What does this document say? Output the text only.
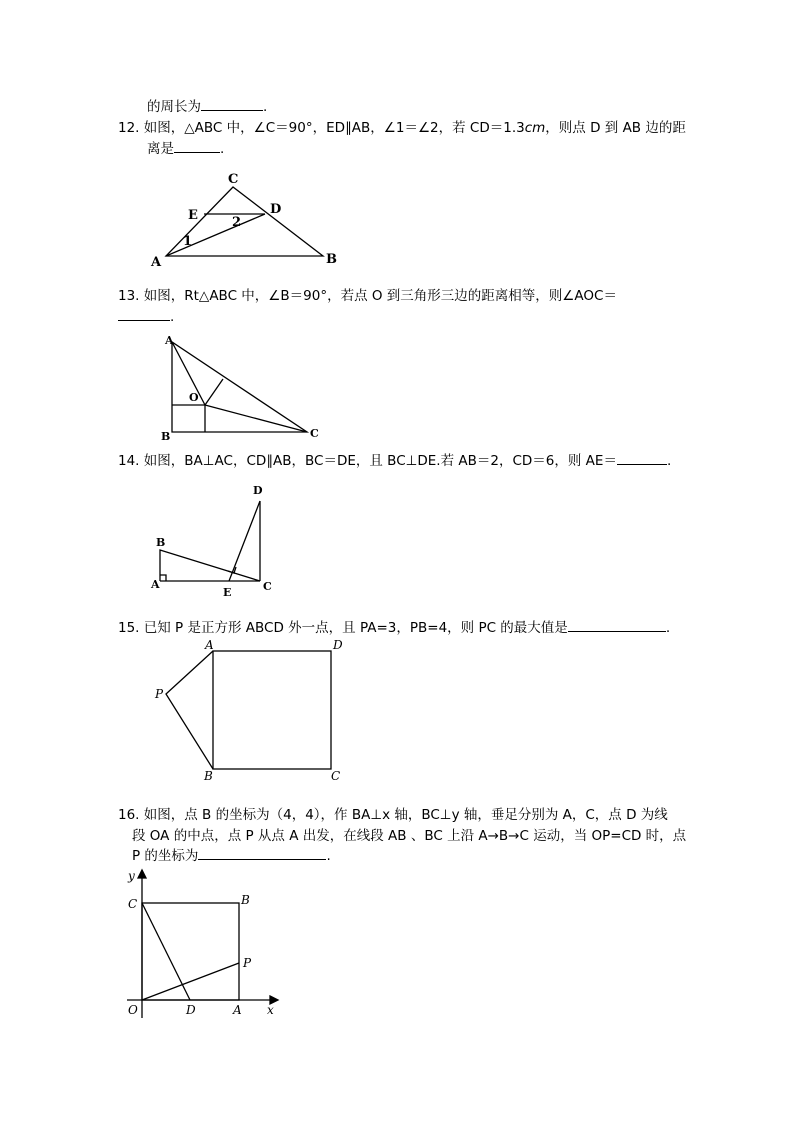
的周长为	.
12. 如图，△ABC 中，∠C＝90°，ED∥AB，∠1＝∠2，若 CD＝1.3cm，则点 D 到 AB 边的距
离是	.
C
E	D
A	B
1
2
13. 如图，Rt△ABC 中，∠B＝90°，若点 O 到三角形三边的距离相等，则∠AOC＝
.
A
O
B	C
14. 如图，BA⊥AC，CD∥AB，BC＝DE，且 BC⊥DE.若 AB＝2，CD＝6，则 AE＝	.
D
B
A
E	C
15. 已知 P 是正方形 ABCD 外一点，且 PA=3，PB=4，则 PC 的最大值是	.
A	D
P
B	C
16. 如图，点 B 的坐标为（4，4），作 BA⊥x 轴，BC⊥y 轴，垂足分别为 A，C，点 D 为线
段 OA 的中点，点 P 从点 A 出发，在线段 AB 、BC 上沿 A→B→C 运动，当 OP=CD 时，点
P 的坐标为	.
y
C	B
P
O	D	A x
